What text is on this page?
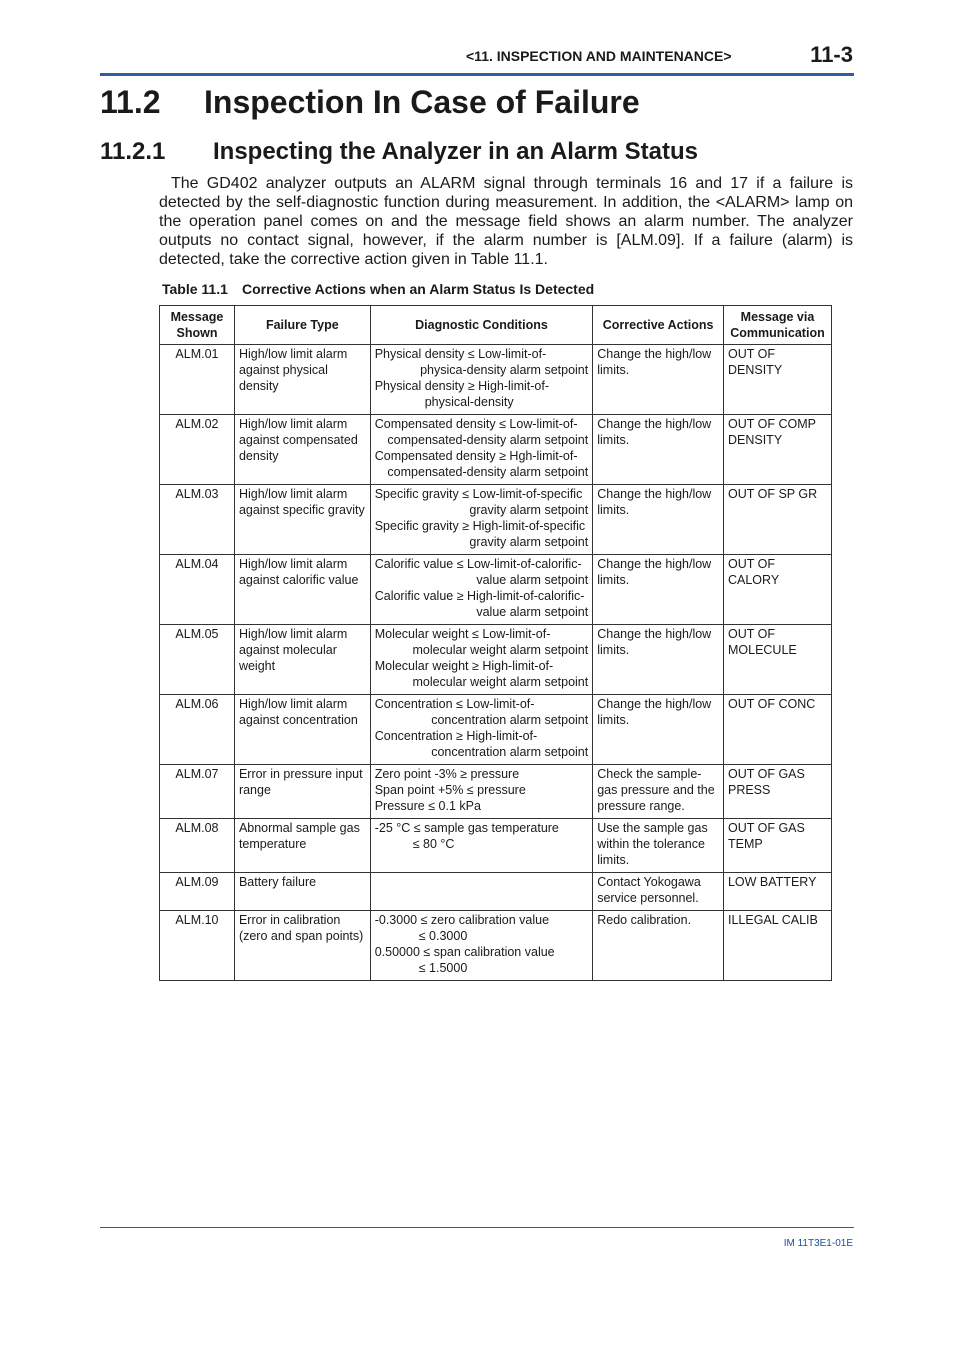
<11. INSPECTION AND MAINTENANCE>	11-3
11.2 Inspection In Case of Failure
11.2.1 Inspecting the Analyzer in an Alarm Status

The GD402 analyzer outputs an ALARM signal through terminals 16 and 17 if a failure is detected by the self-diagnostic function during measurement. In addition, the <ALARM> lamp on the operation panel comes on and the message field shows an alarm number. The analyzer outputs no contact signal, however, if the alarm number is [ALM.09]. If a failure (alarm) is detected, take the corrective action given in Table 11.1.

Table 11.1 Corrective Actions when an Alarm Status Is Detected
Message Shown	Failure Type	Diagnostic Conditions	Corrective Actions	Message via Communication
ALM.01	High/low limit alarm against physical density	Physical density ≤ Low-limit-of-
physica-density alarm setpoint
Physical density ≥ High-limit-of-
physical-density	Change the high/low limits.	OUT OF DENSITY
ALM.02	High/low limit alarm against compensated density	Compensated density ≤ Low-limit-of-
compensated-density alarm setpoint
Compensated density ≥ Hgh-limit-of-
compensated-density alarm setpoint	Change the high/low limits.	OUT OF COMP DENSITY
ALM.03	High/low limit alarm against specific gravity	Specific gravity ≤ Low-limit-of-specific
gravity alarm setpoint
Specific gravity ≥ High-limit-of-specific
gravity alarm setpoint	Change the high/low limits.	OUT OF SP GR
ALM.04	High/low limit alarm against calorific value	Calorific value ≤ Low-limit-of-calorific-
value alarm setpoint
Calorific value ≥ High-limit-of-calorific-
value alarm setpoint	Change the high/low limits.	OUT OF CALORY
ALM.05	High/low limit alarm against molecular weight	Molecular weight ≤ Low-limit-of-
molecular weight alarm setpoint
Molecular weight ≥ High-limit-of-
molecular weight alarm setpoint	Change the high/low limits.	OUT OF MOLECULE
ALM.06	High/low limit alarm against concentration	Concentration ≤ Low-limit-of-
concentration alarm setpoint
Concentration ≥ High-limit-of-
concentration alarm setpoint	Change the high/low limits.	OUT OF CONC
ALM.07	Error in pressure input range	Zero point -3% ≥ pressure
Span point +5% ≤ pressure
Pressure ≤ 0.1 kPa	Check the sample-gas pressure and the pressure range.	OUT OF GAS PRESS
ALM.08	Abnormal sample gas temperature	-25 °C ≤ sample gas temperature
≤ 80 °C	Use the sample gas within the tolerance limits.	OUT OF GAS TEMP
ALM.09	Battery failure		Contact Yokogawa service personnel.	LOW BATTERY
ALM.10	Error in calibration (zero and span points)	-0.3000 ≤ zero calibration value
≤ 0.3000
0.50000 ≤ span calibration value
≤ 1.5000	Redo calibration.	ILLEGAL CALIB
IM 11T3E1-01E
